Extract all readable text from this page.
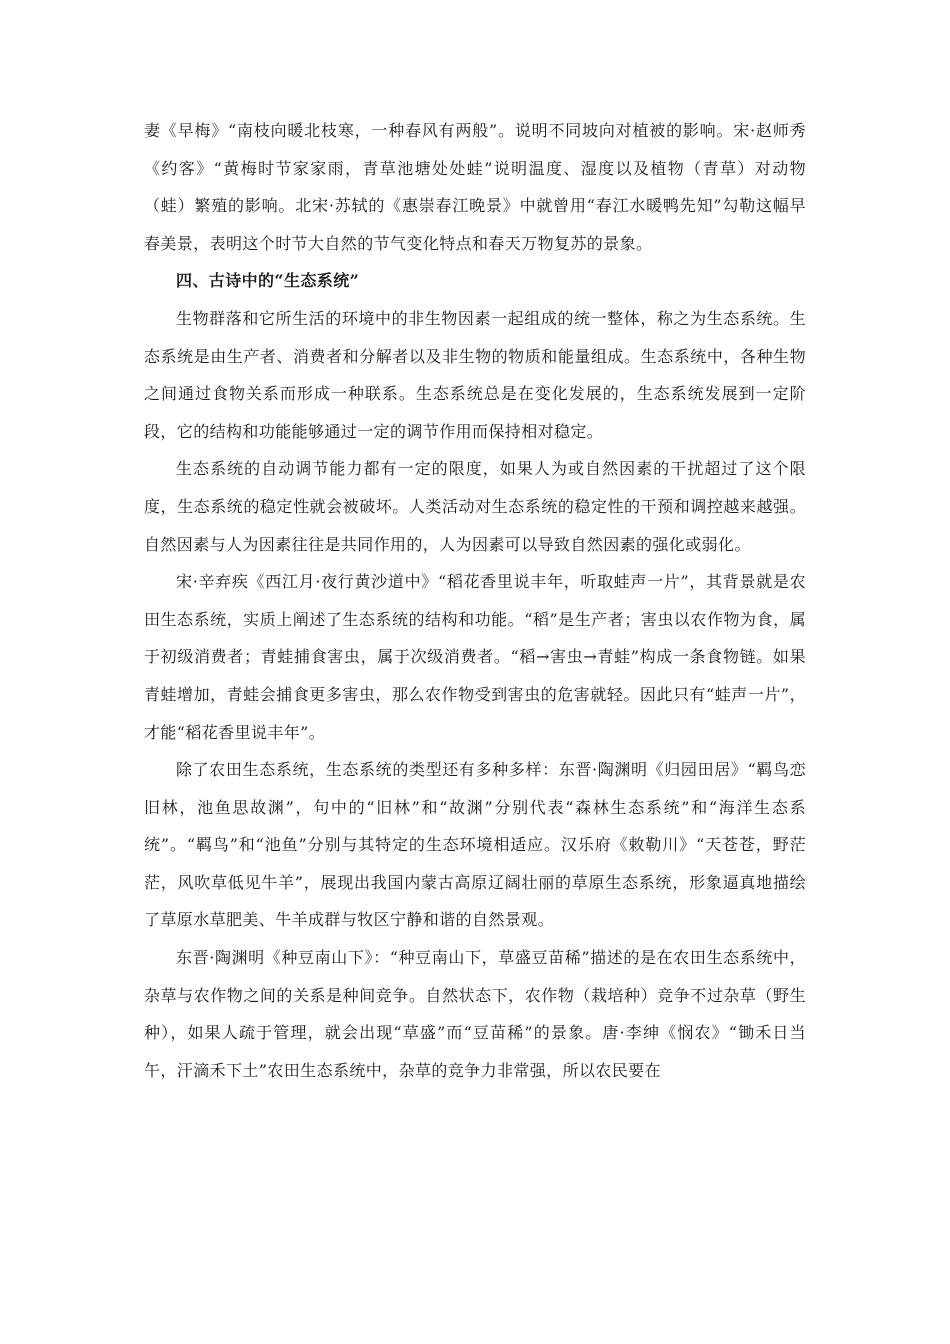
妻《早梅》“南枝向暖北枝寒，一种春风有两般”。说明不同坡向对植被的影响。宋·赵师秀《约客》“黄梅时节家家雨，青草池塘处处蛙”说明温度、湿度以及植物（青草）对动物（蛙）繁殖的影响。北宋·苏轼的《惠崇春江晚景》中就曾用“春江水暖鸭先知”勾勒这幅早春美景，表明这个时节大自然的节气变化特点和春天万物复苏的景象。

四、古诗中的“生态系统”

生物群落和它所生活的环境中的非生物因素一起组成的统一整体，称之为生态系统。生态系统是由生产者、消费者和分解者以及非生物的物质和能量组成。生态系统中，各种生物之间通过食物关系而形成一种联系。生态系统总是在变化发展的，生态系统发展到一定阶段，它的结构和功能能够通过一定的调节作用而保持相对稳定。

生态系统的自动调节能力都有一定的限度，如果人为或自然因素的干扰超过了这个限度，生态系统的稳定性就会被破坏。人类活动对生态系统的稳定性的干预和调控越来越强。自然因素与人为因素往往是共同作用的，人为因素可以导致自然因素的强化或弱化。

宋·辛弃疾《西江月·夜行黄沙道中》“稻花香里说丰年，听取蛙声一片”，其背景就是农田生态系统，实质上阐述了生态系统的结构和功能。“稻”是生产者；害虫以农作物为食，属于初级消费者；青蛙捕食害虫，属于次级消费者。“稻→害虫→青蛙”构成一条食物链。如果青蛙增加，青蛙会捕食更多害虫，那么农作物受到害虫的危害就轻。因此只有“蛙声一片”，才能“稻花香里说丰年”。

除了农田生态系统，生态系统的类型还有多种多样：东晋·陶渊明《归园田居》“羁鸟恋旧林，池鱼思故渊”，句中的“旧林”和“故渊”分别代表“森林生态系统”和“海洋生态系统”。“羁鸟”和“池鱼”分别与其特定的生态环境相适应。汉乐府《敕勒川》“天苍苍，野茫茫，风吹草低见牛羊”，展现出我国内蒙古高原辽阔壮丽的草原生态系统，形象逼真地描绘了草原水草肥美、牛羊成群与牧区宁静和谐的自然景观。

东晋·陶渊明《种豆南山下》：“种豆南山下，草盛豆苗稀”描述的是在农田生态系统中，杂草与农作物之间的关系是种间竞争。自然状态下，农作物（栽培种）竞争不过杂草（野生种），如果人疏于管理，就会出现“草盛”而“豆苗稀”的景象。唐·李绅《悯农》“锄禾日当午，汗滴禾下土”农田生态系统中，杂草的竞争力非常强，所以农民要在
